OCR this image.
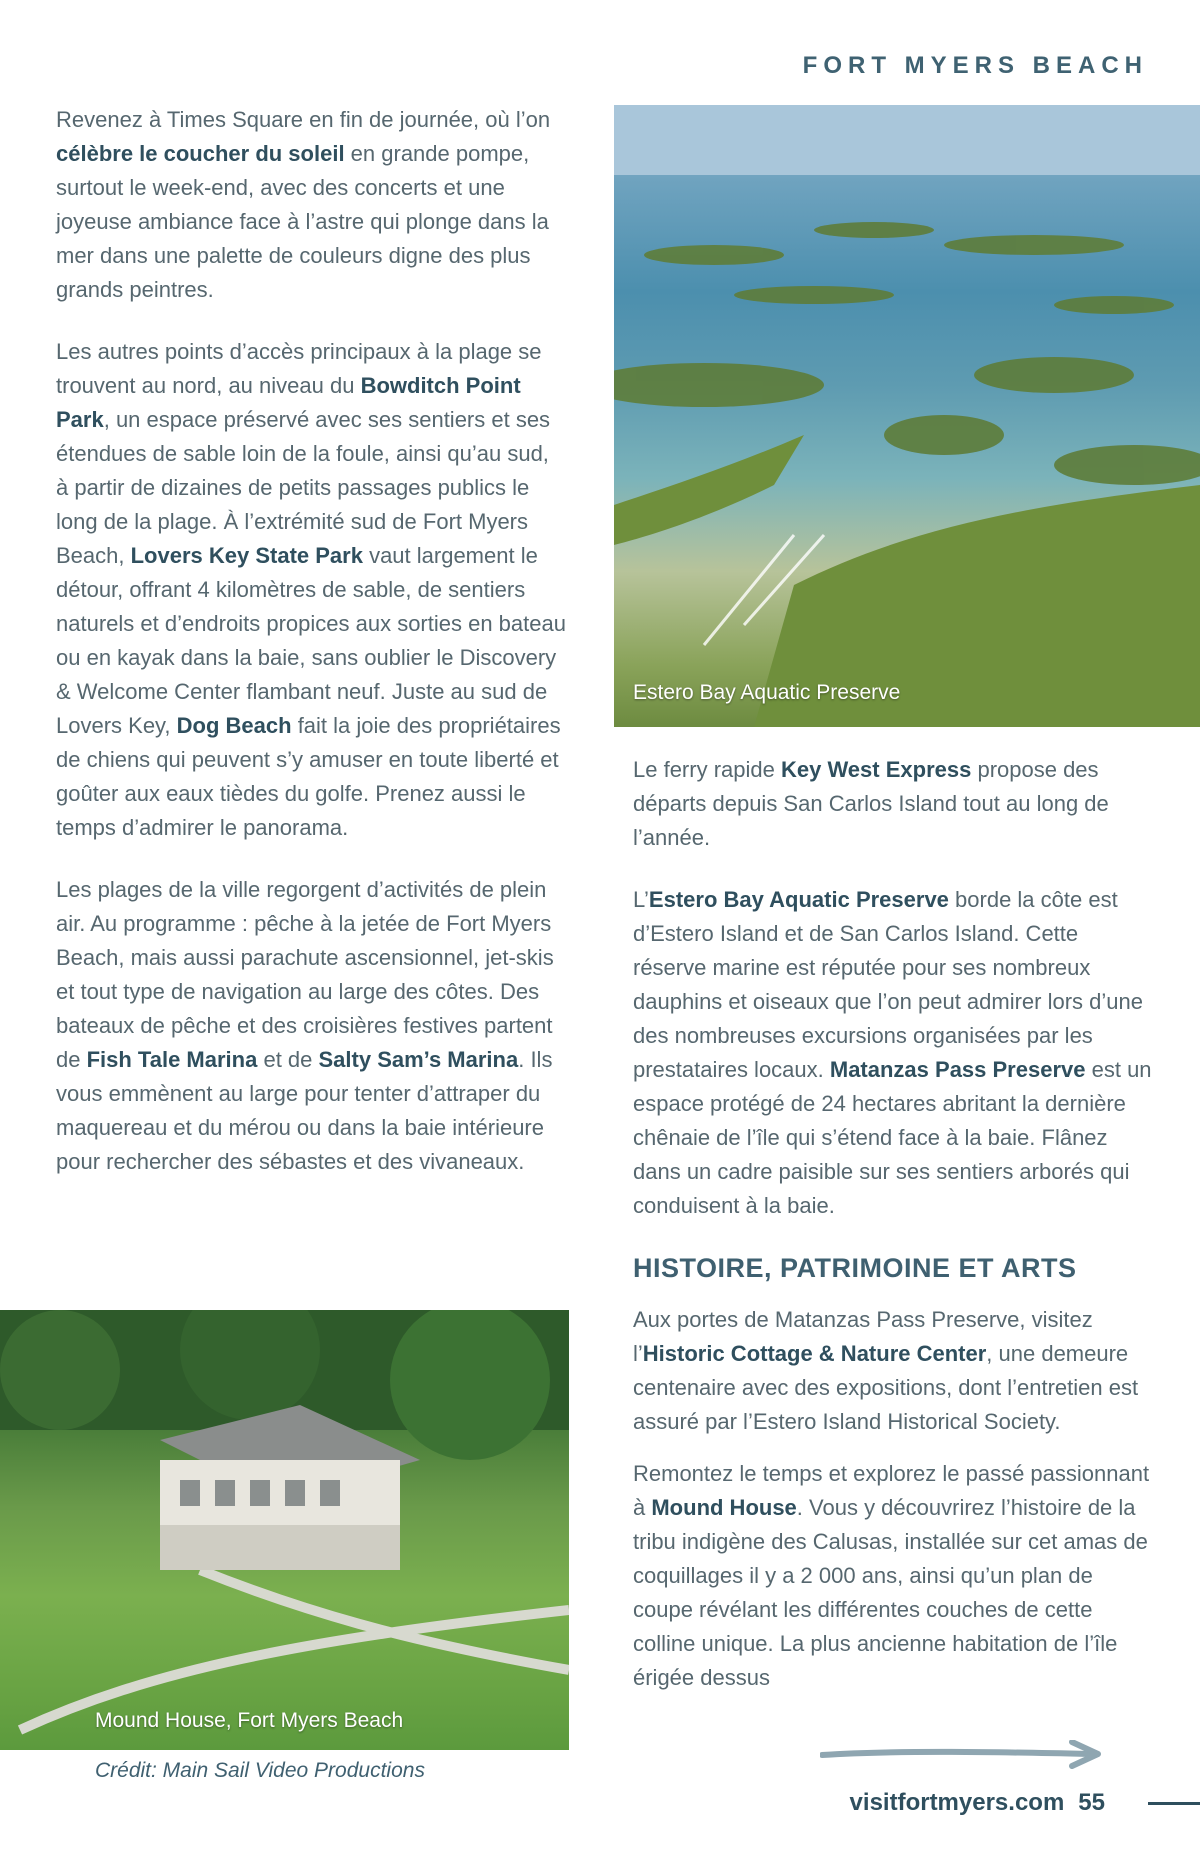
FORT MYERS BEACH

Revenez à Times Square en fin de journée, où l’on célèbre le coucher du soleil en grande pompe, surtout le week-end, avec des concerts et une joyeuse ambiance face à l’astre qui plonge dans la mer dans une palette de couleurs digne des plus grands peintres.

Les autres points d’accès principaux à la plage se trouvent au nord, au niveau du Bowditch Point Park, un espace préservé avec ses sentiers et ses étendues de sable loin de la foule, ainsi qu’au sud, à partir de dizaines de petits passages publics le long de la plage. À l’extrémité sud de Fort Myers Beach, Lovers Key State Park vaut largement le détour, offrant 4 kilomètres de sable, de sentiers naturels et d’endroits propices aux sorties en bateau ou en kayak dans la baie, sans oublier le Discovery & Welcome Center flambant neuf. Juste au sud de Lovers Key, Dog Beach fait la joie des propriétaires de chiens qui peuvent s’y amuser en toute liberté et goûter aux eaux tièdes du golfe. Prenez aussi le temps d’admirer le panorama.

Les plages de la ville regorgent d’activités de plein air. Au programme : pêche à la jetée de Fort Myers Beach, mais aussi parachute ascensionnel, jet-skis et tout type de navigation au large des côtes. Des bateaux de pêche et des croisières festives partent de Fish Tale Marina et de Salty Sam’s Marina. Ils vous emmènent au large pour tenter d’attraper du maquereau et du mérou ou dans la baie intérieure pour rechercher des sébastes et des vivaneaux.

Estero Bay Aquatic Preserve
Mound House, Fort Myers Beach
Crédit: Main Sail Video Productions

Le ferry rapide Key West Express propose des départs depuis San Carlos Island tout au long de l’année.

L’Estero Bay Aquatic Preserve borde la côte est d’Estero Island et de San Carlos Island. Cette réserve marine est réputée pour ses nombreux dauphins et oiseaux que l’on peut admirer lors d’une des nombreuses excursions organisées par les prestataires locaux. Matanzas Pass Preserve est un espace protégé de 24 hectares abritant la dernière chênaie de l’île qui s’étend face à la baie. Flânez dans un cadre paisible sur ses sentiers arborés qui conduisent à la baie.

HISTOIRE, PATRIMOINE ET ARTS

Aux portes de Matanzas Pass Preserve, visitez l’Historic Cottage & Nature Center, une demeure centenaire avec des expositions, dont l’entretien est assuré par l’Estero Island Historical Society.

Remontez le temps et explorez le passé passionnant à Mound House. Vous y découvrirez l’histoire de la tribu indigène des Calusas, installée sur cet amas de coquillages il y a 2 000 ans, ainsi qu’un plan de coupe révélant les différentes couches de cette colline unique. La plus ancienne habitation de l’île érigée dessus

visitfortmyers.com 55
